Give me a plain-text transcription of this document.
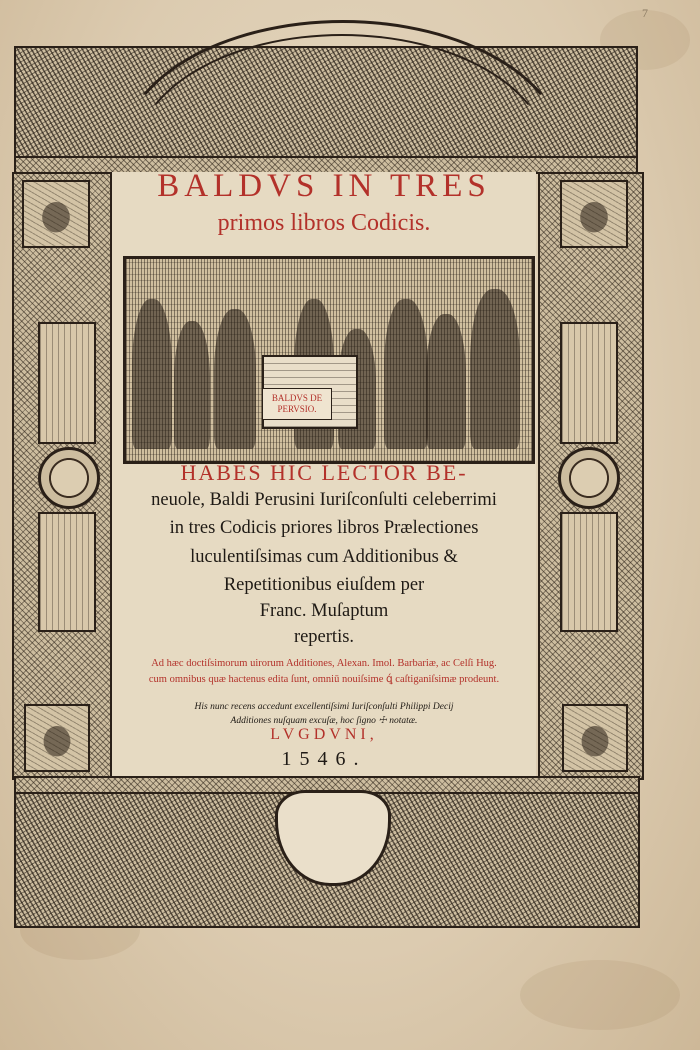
7
BALDVS IN TRES
primos libros Codicis.
BALDVS DE
PERVSIO.
HABES HIC LECTOR BE-
neuole, Baldi Perusini Iuriſconſulti celeberrimi
in tres Codicis priores libros Prælectiones
luculentiſsimas cum Additionibus &
Repetitionibus eiuſdem per
Franc. Muſaptum
repertis.
Ad hæc doctiſsimorum uirorum Additiones, Alexan. Imol. Barbariæ, ac Celſi Hug.
cum omnibus quæ hactenus edita ſunt, omniū nouiſsime ꝗ́ caſtiganiſsimæ prodeunt.
His nunc recens accedunt excellentiſsimi Iuriſconſulti Philippi Decij
Additiones nuſquam excuſæ, hoc ſigno ☩ notatæ.
LVGDVNI,
1546.
